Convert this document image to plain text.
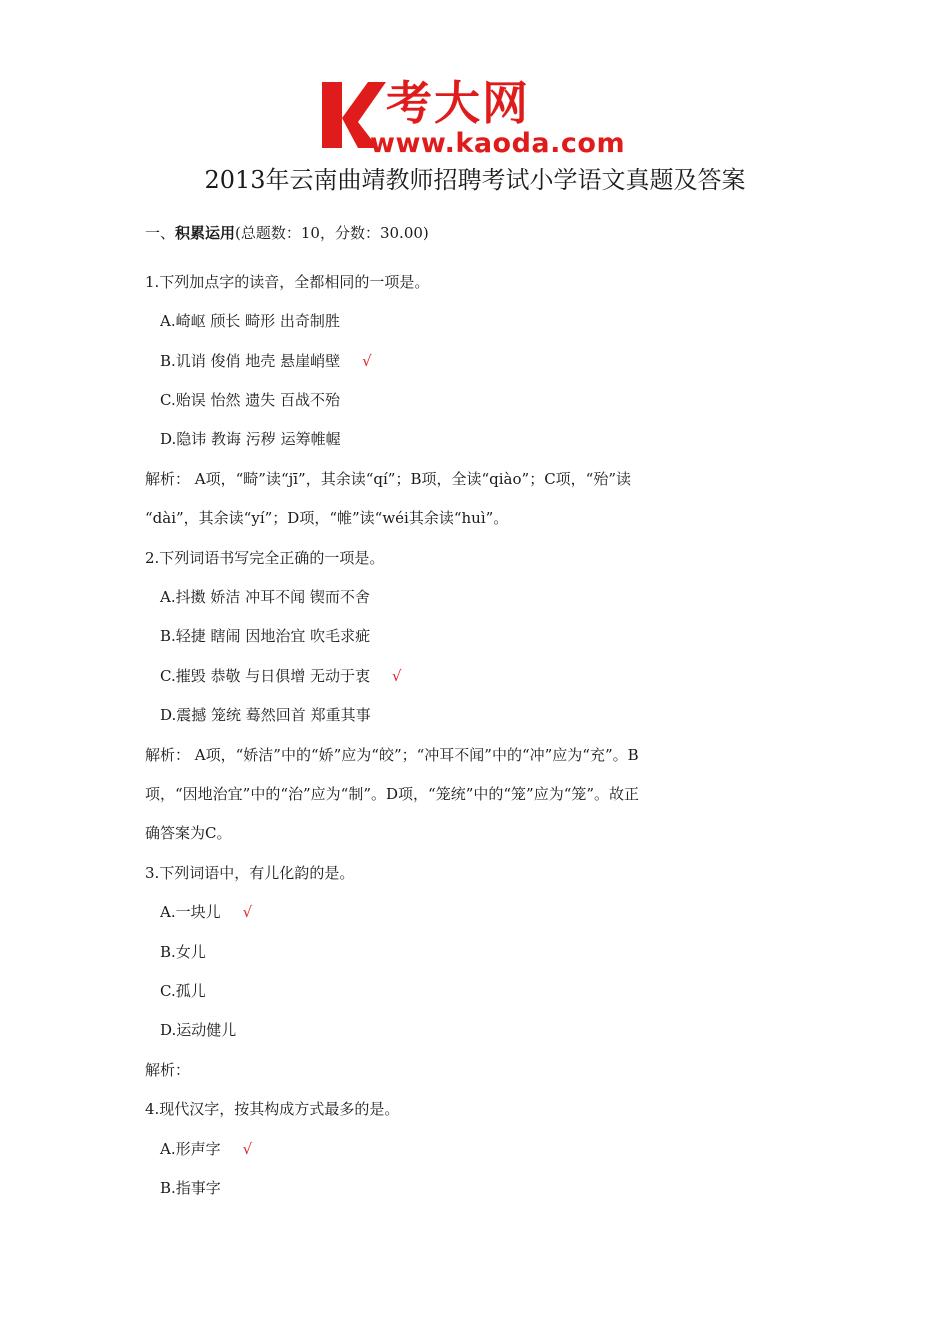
考大网
www.kaoda.com
2013年云南曲靖教师招聘考试小学语文真题及答案
一、积累运用(总题数：10，分数：30.00)
1.下列加点字的读音，全都相同的一项是。
A.崎岖 颀长 畸形 出奇制胜
B.讥诮 俊俏 地壳 悬崖峭壁 √
C.贻误 怡然 遗失 百战不殆
D.隐讳 教诲 污秽 运筹帷幄
解析： A项，“畸”读“jī”，其余读“qí”；B项，全读“qiào”；C项，“殆”读
“dài”，其余读“yí”；D项，“帷”读“wéi其余读“huì”。
2.下列词语书写完全正确的一项是。
A.抖擞 娇洁 冲耳不闻 锲而不舍
B.轻捷 瞎闹 因地治宜 吹毛求疵
C.摧毁 恭敬 与日俱增 无动于衷 √
D.震撼 笼统 蓦然回首 郑重其事
解析： A项，“娇洁”中的“娇”应为“皎”；“冲耳不闻”中的“冲”应为“充”。B
项，“因地治宜”中的“治”应为“制”。D项，“笼统”中的“笼”应为“笼”。故正
确答案为C。
3.下列词语中，有儿化韵的是。
A.一块儿 √
B.女儿
C.孤儿
D.运动健儿
解析：
4.现代汉字，按其构成方式最多的是。
A.形声字 √
B.指事字
